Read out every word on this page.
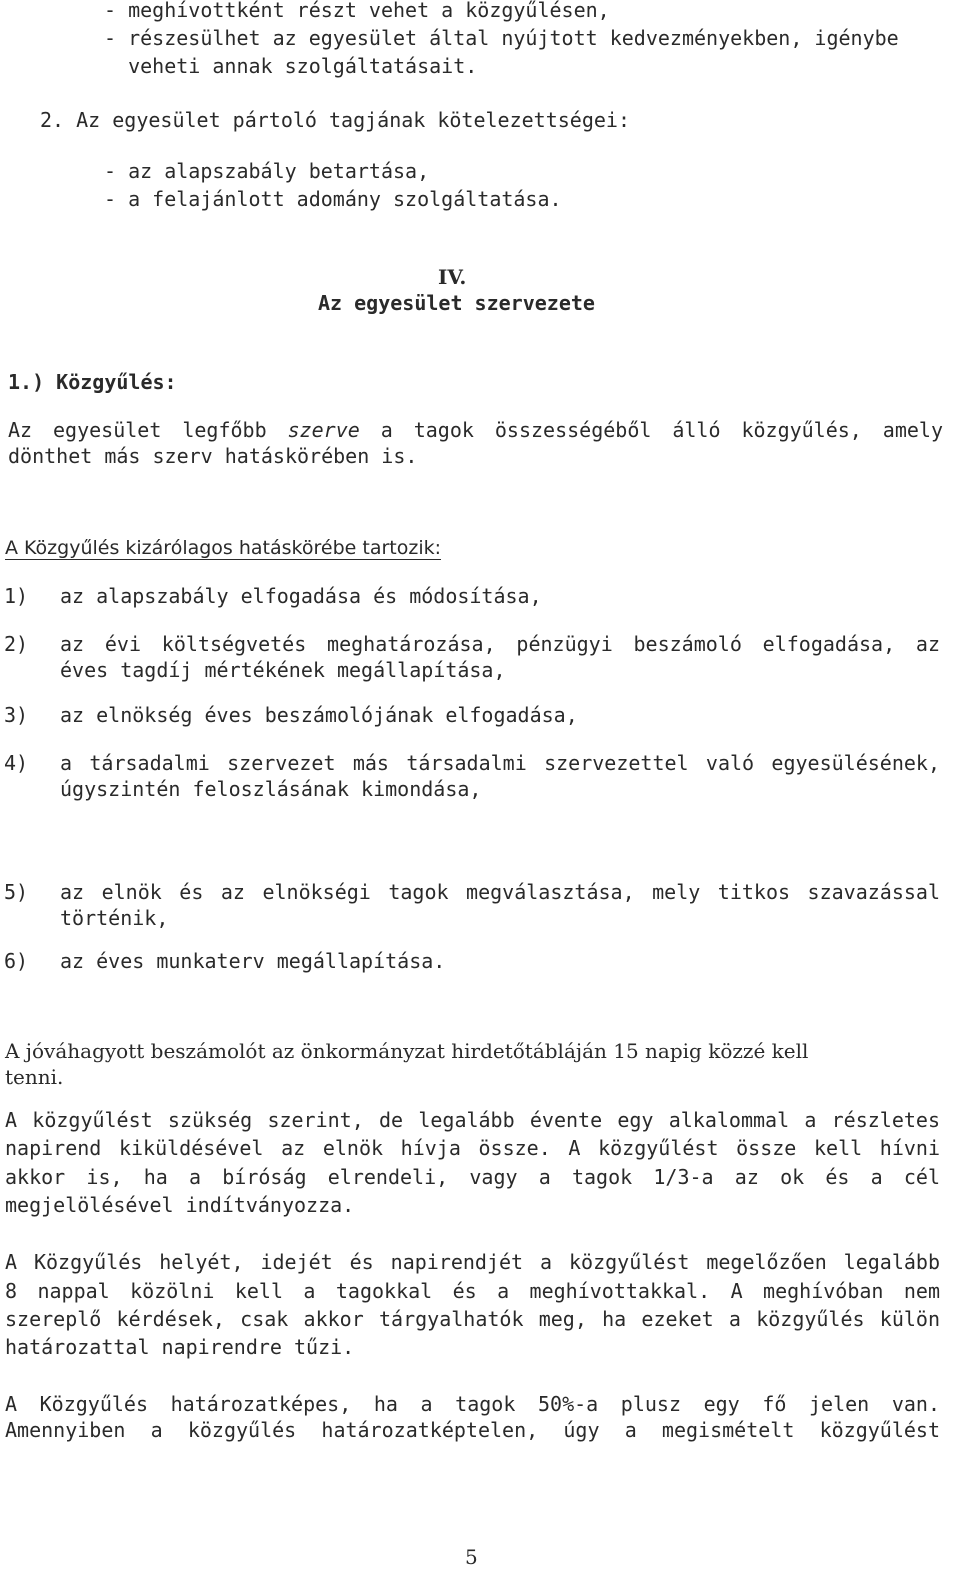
- meghívottként részt vehet a közgyűlésen,
- részesülhet az egyesület által nyújtott kedvezményekben, igénybe
veheti annak szolgáltatásait.
2. Az egyesület pártoló tagjának kötelezettségei:
- az alapszabály betartása,
- a felajánlott adomány szolgáltatása.
IV.
Az egyesület szervezete
1.) Közgyűlés:
Az egyesület legfőbb szerve a tagok összességéből álló közgyűlés, amely
dönthet más szerv hatáskörében is.
A Közgyűlés kizárólagos hatáskörébe tartozik:
1) az alapszabály elfogadása és módosítása,
2) az évi költségvetés meghatározása, pénzügyi beszámoló elfogadása, az
éves tagdíj mértékének megállapítása,
3) az elnökség éves beszámolójának elfogadása,
4) a társadalmi szervezet más társadalmi szervezettel való egyesülésének,
úgyszintén feloszlásának kimondása,
5) az elnök és az elnökségi tagok megválasztása, mely titkos szavazással
történik,
6) az éves munkaterv megállapítása.
A jóváhagyott beszámolót az önkormányzat hirdetőtábláján 15 napig közzé kell
tenni.
A közgyűlést szükség szerint, de legalább évente egy alkalommal a részletes
napirend kiküldésével az elnök hívja össze. A közgyűlést össze kell hívni
akkor is, ha a bíróság elrendeli, vagy a tagok 1/3-a az ok és a cél
megjelölésével indítványozza.
A Közgyűlés helyét, idejét és napirendjét a közgyűlést megelőzően legalább
8 nappal közölni kell a tagokkal és a meghívottakkal. A meghívóban nem
szereplő kérdések, csak akkor tárgyalhatók meg, ha ezeket a közgyűlés külön
határozattal napirendre tűzi.
A Közgyűlés határozatképes, ha a tagok 50%-a plusz egy fő jelen van.
Amennyiben a közgyűlés határozatképtelen, úgy a megismételt közgyűlést
5
